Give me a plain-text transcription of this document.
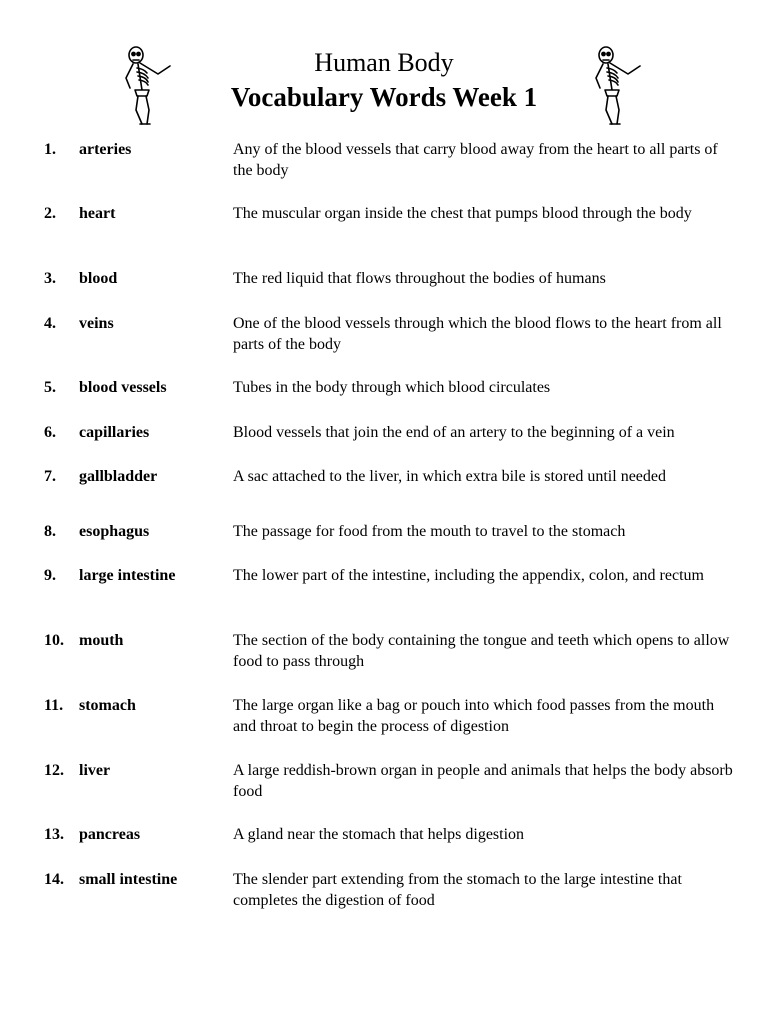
Human Body
Vocabulary Words Week 1
1. arteries	Any of the blood vessels that carry blood away from the heart to all parts of the body
2. heart	The muscular organ inside the chest that pumps blood through the body
3. blood	The red liquid that flows throughout the bodies of humans
4. veins	One of the blood vessels through which the blood flows to the heart from all parts of the body
5. blood vessels	Tubes in the body through which blood circulates
6. capillaries	Blood vessels that join the end of an artery to the beginning of a vein
7. gallbladder	A sac attached to the liver, in which extra bile is stored until needed
8. esophagus	The passage for food from the mouth to travel to the stomach
9. large intestine	The lower part of the intestine, including the appendix, colon, and rectum
10. mouth	The section of the body containing the tongue and teeth which opens to allow food to pass through
11. stomach	The large organ like a bag or pouch into which food passes from the mouth and throat to begin the process of digestion
12. liver	A large reddish-brown organ in people and animals that helps the body absorb food
13. pancreas	A gland near the stomach that helps digestion
14. small intestine	The slender part extending from the stomach to the large intestine that completes the digestion of food
